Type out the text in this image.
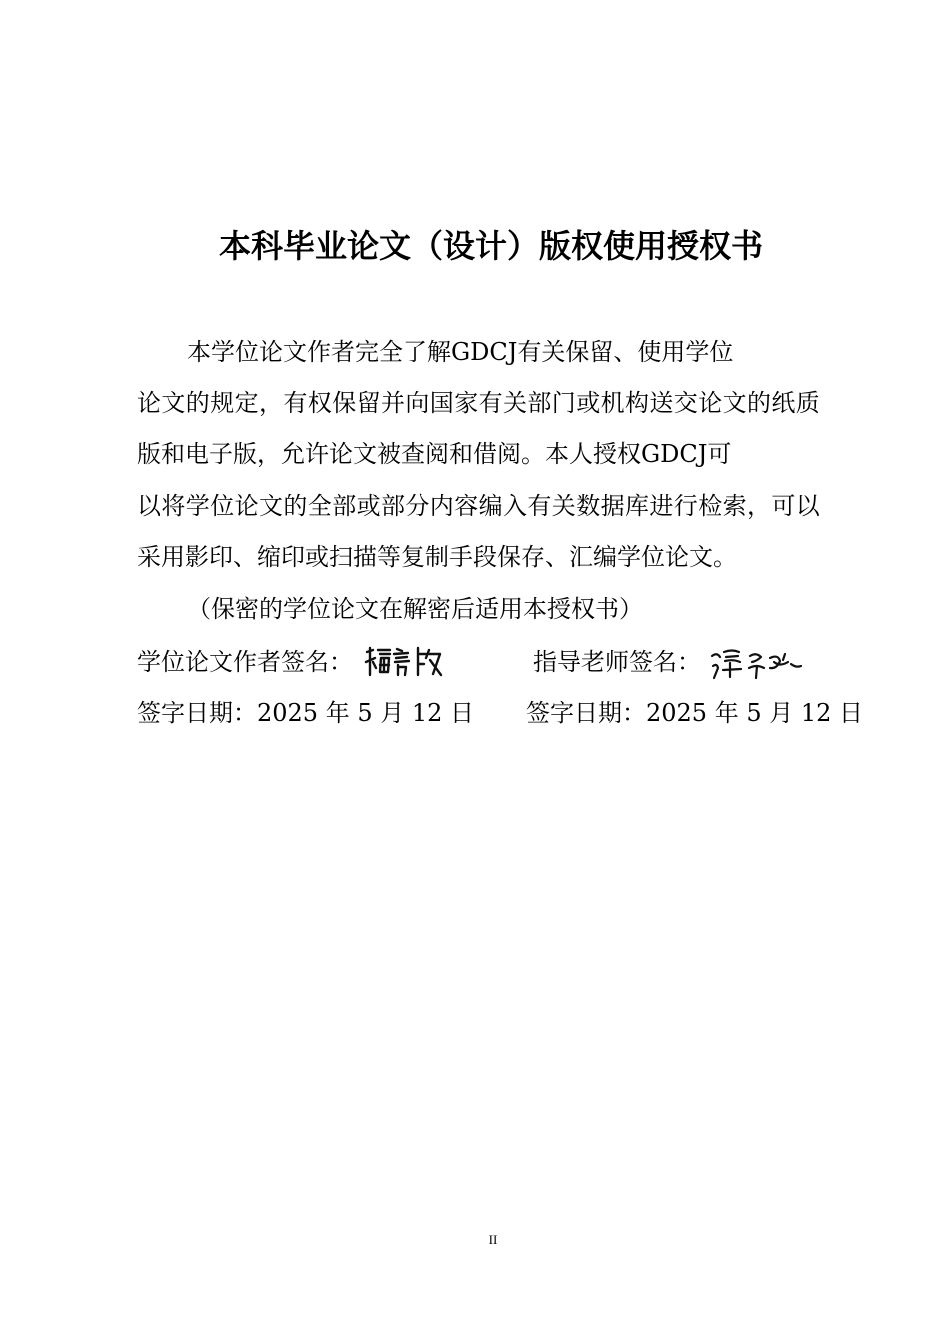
本科毕业论文（设计）版权使用授权书
本学位论文作者完全了解GDCJ有关保留、使用学位
论文的规定，有权保留并向国家有关部门或机构送交论文的纸质
版和电子版，允许论文被查阅和借阅。本人授权GDCJ可
以将学位论文的全部或部分内容编入有关数据库进行检索，可以
采用影印、缩印或扫描等复制手段保存、汇编学位论文。
（保密的学位论文在解密后适用本授权书）
学位论文作者签名：	指导老师签名：
签字日期：2025 年 5 月 12 日 签字日期：2025 年 5 月 12 日
II
